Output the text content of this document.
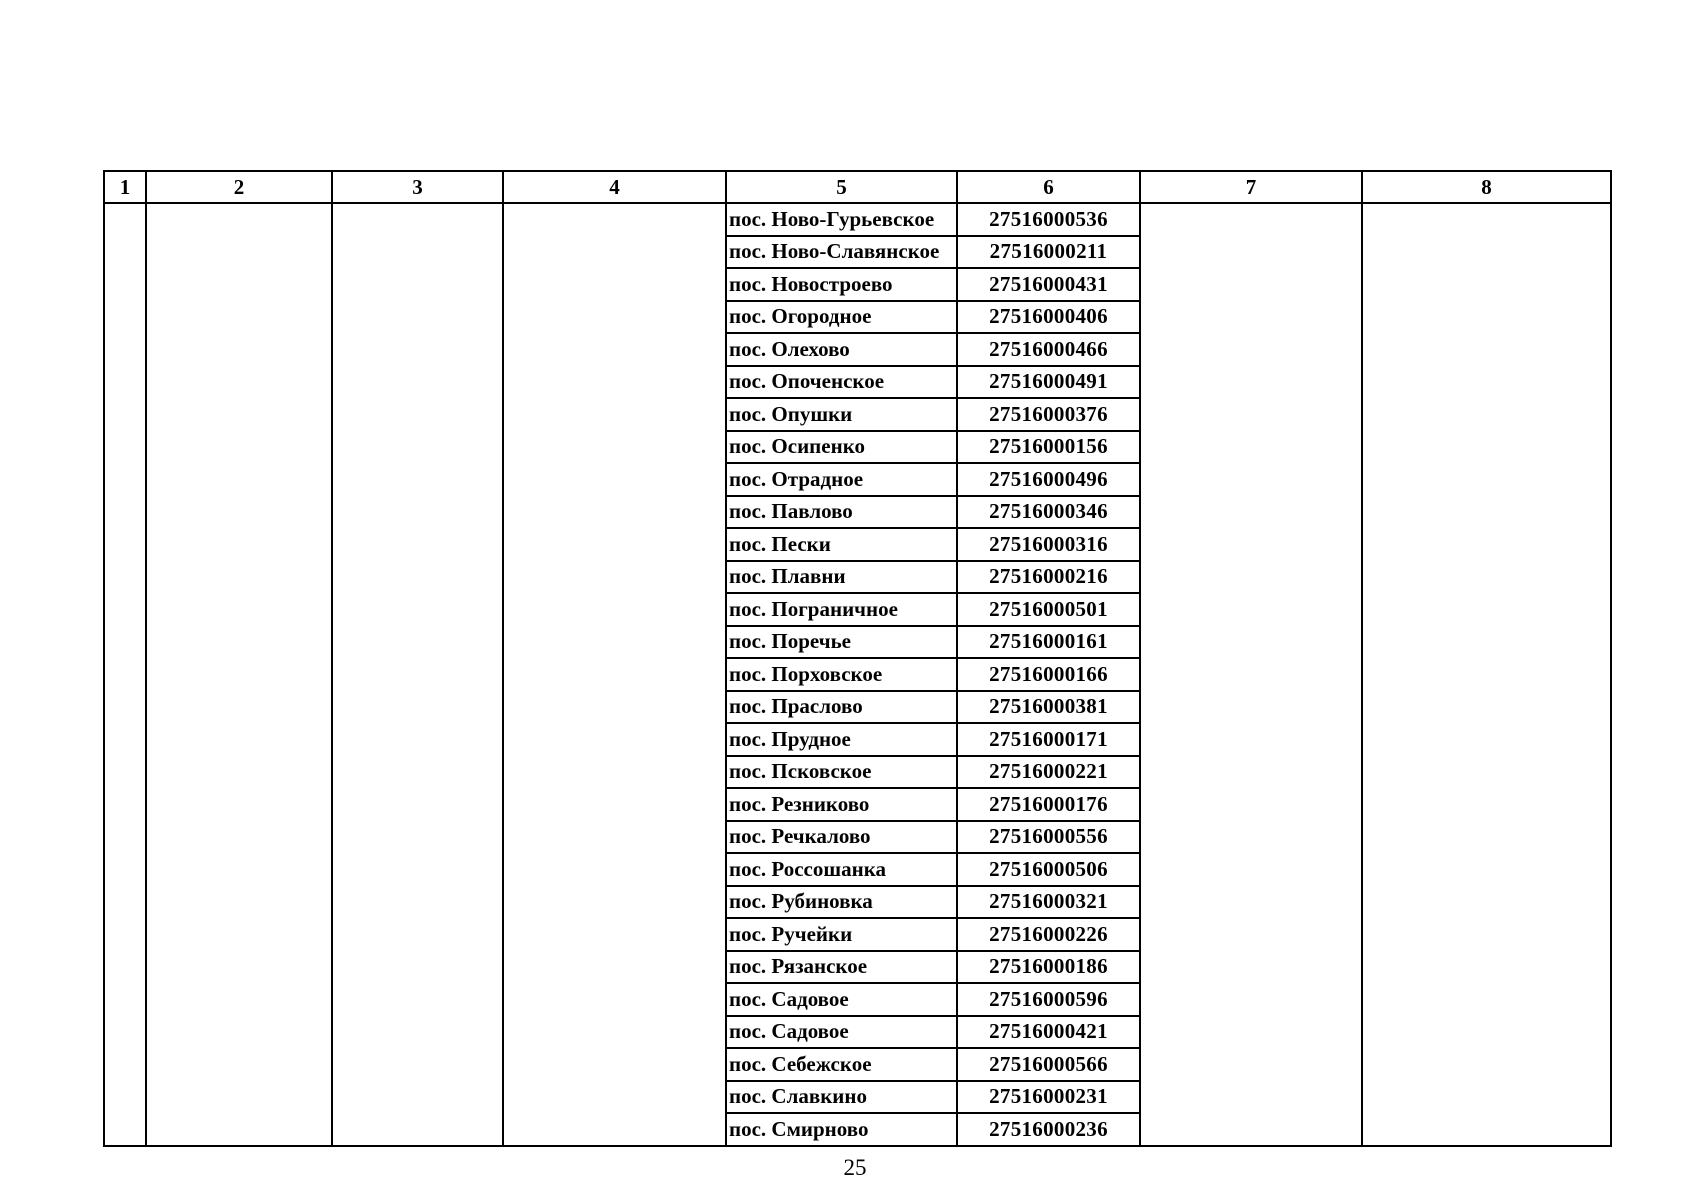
1	2	3	4	5	6	7	8
				пос. Ново-Гурьевское	27516000536		
				пос. Ново-Славянское	27516000211		
				пос. Новостроево	27516000431		
				пос. Огородное	27516000406		
				пос. Олехово	27516000466		
				пос. Опоченское	27516000491		
				пос. Опушки	27516000376		
				пос. Осипенко	27516000156		
				пос. Отрадное	27516000496		
				пос. Павлово	27516000346		
				пос. Пески	27516000316		
				пос. Плавни	27516000216		
				пос. Пограничное	27516000501		
				пос. Поречье	27516000161		
				пос. Порховское	27516000166		
				пос. Праслово	27516000381		
				пос. Прудное	27516000171		
				пос. Псковское	27516000221		
				пос. Резниково	27516000176		
				пос. Речкалово	27516000556		
				пос. Россошанка	27516000506		
				пос. Рубиновка	27516000321		
				пос. Ручейки	27516000226		
				пос. Рязанское	27516000186		
				пос. Садовое	27516000596		
				пос. Садовое	27516000421		
				пос. Себежское	27516000566		
				пос. Славкино	27516000231		
				пос. Смирново	27516000236		
25
